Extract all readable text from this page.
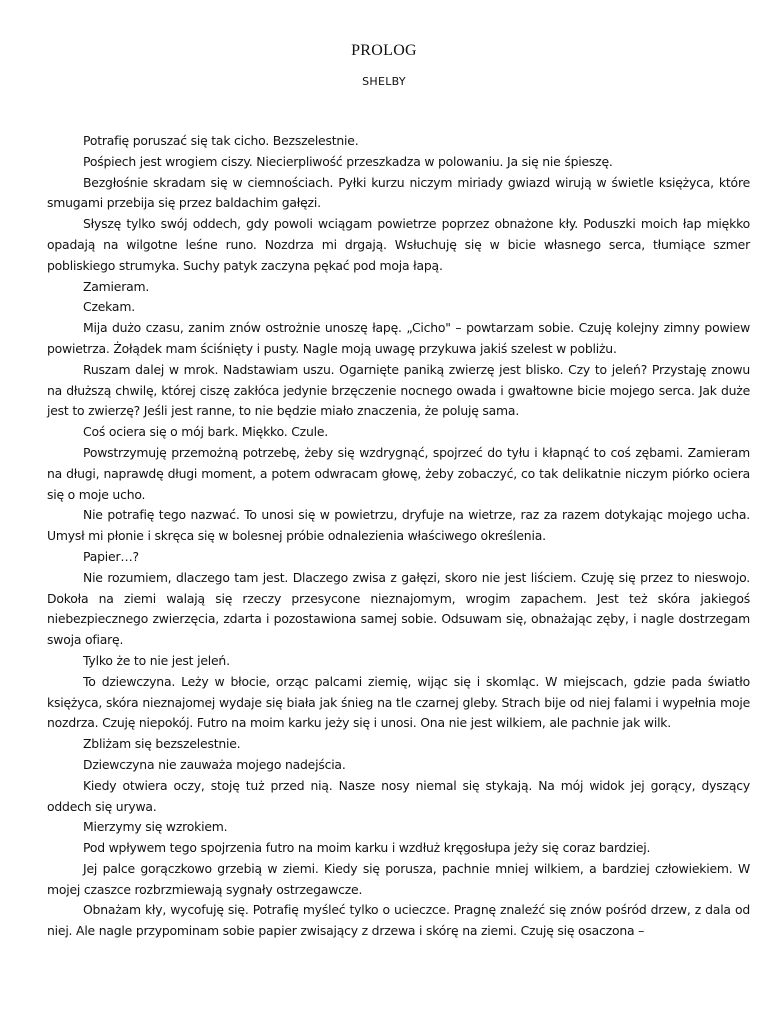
PROLOG
SHELBY

Potrafię poruszać się tak cicho. Bezszelestnie.

Pośpiech jest wrogiem ciszy. Niecierpliwość przeszkadza w polowaniu. Ja się nie śpieszę.

Bezgłośnie skradam się w ciemnościach. Pyłki kurzu niczym miriady gwiazd wirują w świetle księżyca, które smugami przebija się przez baldachim gałęzi.

Słyszę tylko swój oddech, gdy powoli wciągam powietrze poprzez obnażone kły. Poduszki moich łap miękko opadają na wilgotne leśne runo. Nozdrza mi drgają. Wsłuchuję się w bicie własnego serca, tłumiące szmer pobliskiego strumyka. Suchy patyk zaczyna pękać pod moja łapą.

Zamieram.

Czekam.

Mija dużo czasu, zanim znów ostrożnie unoszę łapę. „Cicho" – powtarzam sobie. Czuję kolejny zimny powiew powietrza. Żołądek mam ściśnięty i pusty. Nagle moją uwagę przykuwa jakiś szelest w pobliżu.

Ruszam dalej w mrok. Nadstawiam uszu. Ogarnięte paniką zwierzę jest blisko. Czy to jeleń? Przystaję znowu na dłuższą chwilę, której ciszę zakłóca jedynie brzęczenie nocnego owada i gwałtowne bicie mojego serca. Jak duże jest to zwierzę? Jeśli jest ranne, to nie będzie miało znaczenia, że poluję sama.

Coś ociera się o mój bark. Miękko. Czule.

Powstrzymuję przemożną potrzebę, żeby się wzdrygnąć, spojrzeć do tyłu i kłapnąć to coś zębami. Zamieram na długi, naprawdę długi moment, a potem odwracam głowę, żeby zobaczyć, co tak delikatnie niczym piórko ociera się o moje ucho.

Nie potrafię tego nazwać. To unosi się w powietrzu, dryfuje na wietrze, raz za razem dotykając mojego ucha. Umysł mi płonie i skręca się w bolesnej próbie odnalezienia właściwego określenia.

Papier…?

Nie rozumiem, dlaczego tam jest. Dlaczego zwisa z gałęzi, skoro nie jest liściem. Czuję się przez to nieswojo. Dokoła na ziemi walają się rzeczy przesycone nieznajomym, wrogim zapachem. Jest też skóra jakiegoś niebezpiecznego zwierzęcia, zdarta i pozostawiona samej sobie. Odsuwam się, obnażając zęby, i nagle dostrzegam swoja ofiarę.

Tylko że to nie jest jeleń.

To dziewczyna. Leży w błocie, orząc palcami ziemię, wijąc się i skomląc. W miejscach, gdzie pada światło księżyca, skóra nieznajomej wydaje się biała jak śnieg na tle czarnej gleby. Strach bije od niej falami i wypełnia moje nozdrza. Czuję niepokój. Futro na moim karku jeży się i unosi. Ona nie jest wilkiem, ale pachnie jak wilk.

Zbliżam się bezszelestnie.

Dziewczyna nie zauważa mojego nadejścia.

Kiedy otwiera oczy, stoję tuż przed nią. Nasze nosy niemal się stykają. Na mój widok jej gorący, dyszący oddech się urywa.

Mierzymy się wzrokiem.

Pod wpływem tego spojrzenia futro na moim karku i wzdłuż kręgosłupa jeży się coraz bardziej.

Jej palce gorączkowo grzebią w ziemi. Kiedy się porusza, pachnie mniej wilkiem, a bardziej człowiekiem. W mojej czaszce rozbrzmiewają sygnały ostrzegawcze.

Obnażam kły, wycofuję się. Potrafię myśleć tylko o ucieczce. Pragnę znaleźć się znów pośród drzew, z dala od niej. Ale nagle przypominam sobie papier zwisający z drzewa i skórę na ziemi. Czuję się osaczona –
